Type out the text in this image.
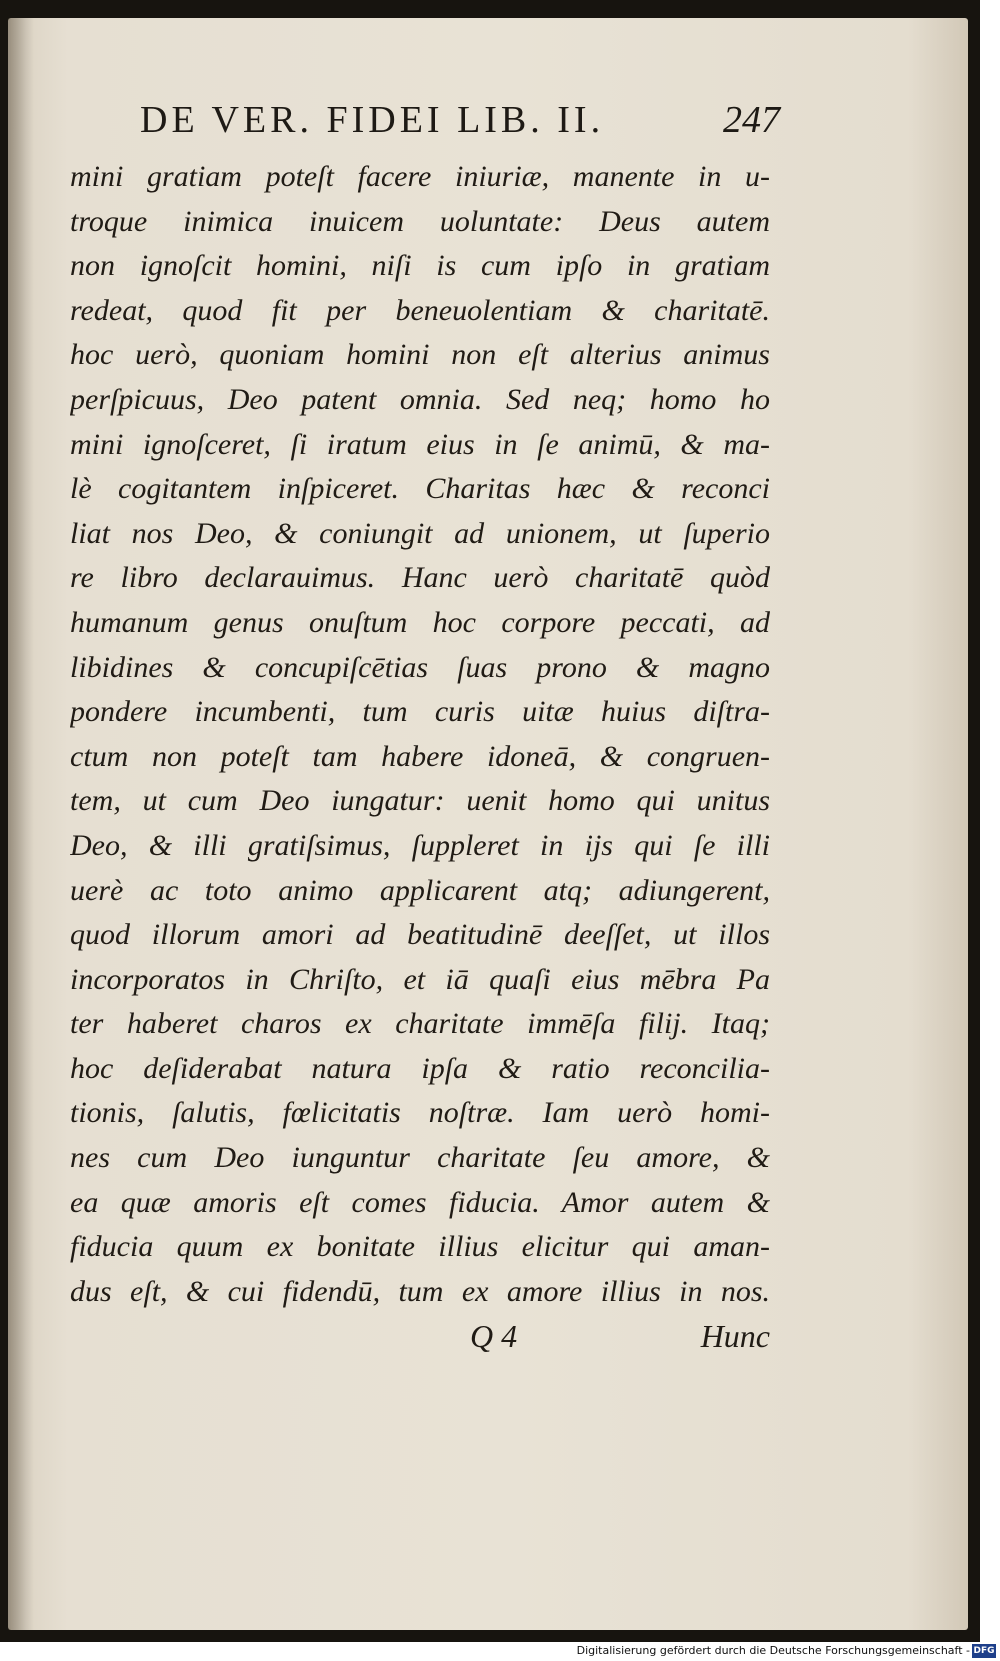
DE VER. FIDEI LIB. II.	247
mini gratiam poteſt facere iniuriæ, manente in u-
troque inimica inuicem uoluntate: Deus autem
non ignoſcit homini, niſi is cum ipſo in gratiam
redeat, quod fit per beneuolentiam & charitatē.
hoc uerò, quoniam homini non eſt alterius animus
perſpicuus, Deo patent omnia. Sed neq; homo ho
mini ignoſceret, ſi iratum eius in ſe animū, & ma-
lè cogitantem inſpiceret. Charitas hæc & reconci
liat nos Deo, & coniungit ad unionem, ut ſuperio
re libro declarauimus. Hanc uerò charitatē quòd
humanum genus onuſtum hoc corpore peccati, ad
libidines & concupiſcētias ſuas prono & magno
pondere incumbenti, tum curis uitæ huius diſtra-
ctum non poteſt tam habere idoneā, & congruen-
tem, ut cum Deo iungatur: uenit homo qui unitus
Deo, & illi gratiſsimus, ſuppleret in ijs qui ſe illi
uerè ac toto animo applicarent atq; adiungerent,
quod illorum amori ad beatitudinē deeſſet, ut illos
incorporatos in Chriſto, et iā quaſi eius mēbra Pa
ter haberet charos ex charitate immēſa filij. Itaq;
hoc deſiderabat natura ipſa & ratio reconcilia-
tionis, ſalutis, fœlicitatis noſtræ. Iam uerò homi-
nes cum Deo iunguntur charitate ſeu amore, &
ea quæ amoris eſt comes fiducia. Amor autem &
fiducia quum ex bonitate illius elicitur qui aman-
dus eſt, & cui fidendū, tum ex amore illius in nos.
Q 4	Hunc
Digitalisierung gefördert durch die Deutsche Forschungsgemeinschaft - DFG
